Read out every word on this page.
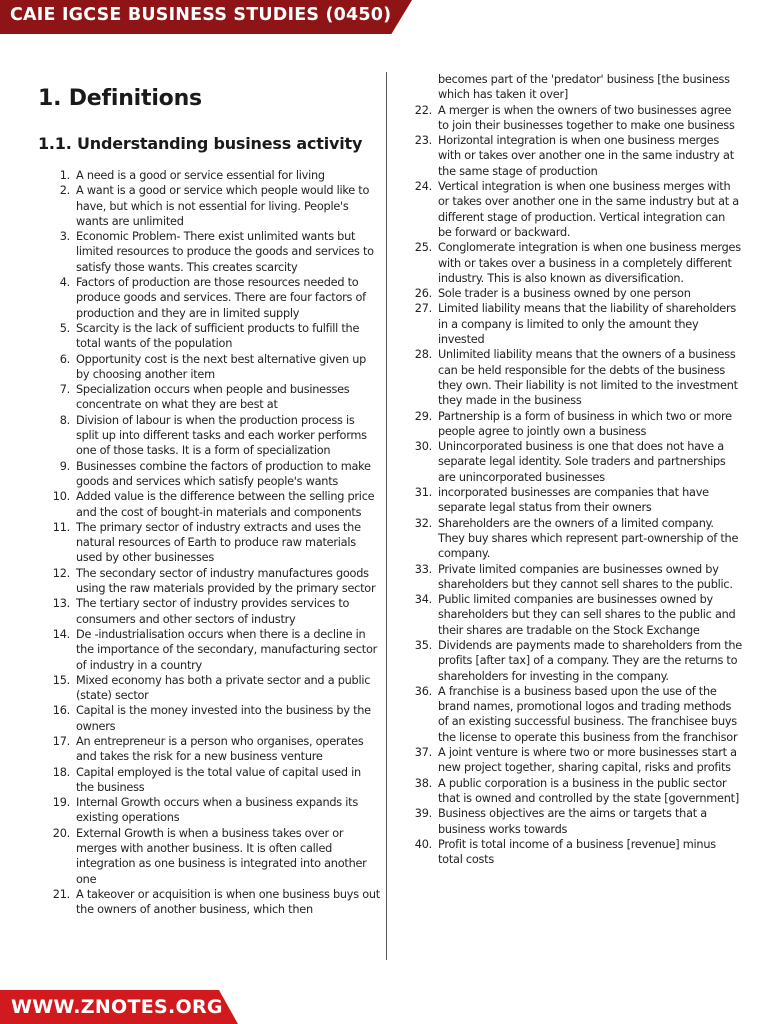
CAIE IGCSE BUSINESS STUDIES (0450)
1. Definitions
1.1. Understanding business activity
1. A need is a good or service essential for living
2. A want is a good or service which people would like to have, but which is not essential for living. People's wants are unlimited
3. Economic Problem- There exist unlimited wants but limited resources to produce the goods and services to satisfy those wants. This creates scarcity
4. Factors of production are those resources needed to produce goods and services. There are four factors of production and they are in limited supply
5. Scarcity is the lack of sufficient products to fulfill the total wants of the population
6. Opportunity cost is the next best alternative given up by choosing another item
7. Specialization occurs when people and businesses concentrate on what they are best at
8. Division of labour is when the production process is split up into different tasks and each worker performs one of those tasks. It is a form of specialization
9. Businesses combine the factors of production to make goods and services which satisfy people's wants
10. Added value is the difference between the selling price and the cost of bought-in materials and components
11. The primary sector of industry extracts and uses the natural resources of Earth to produce raw materials used by other businesses
12. The secondary sector of industry manufactures goods using the raw materials provided by the primary sector
13. The tertiary sector of industry provides services to consumers and other sectors of industry
14. De -industrialisation occurs when there is a decline in the importance of the secondary, manufacturing sector of industry in a country
15. Mixed economy has both a private sector and a public (state) sector
16. Capital is the money invested into the business by the owners
17. An entrepreneur is a person who organises, operates and takes the risk for a new business venture
18. Capital employed is the total value of capital used in the business
19. Internal Growth occurs when a business expands its existing operations
20. External Growth is when a business takes over or merges with another business. It is often called integration as one business is integrated into another one
21. A takeover or acquisition is when one business buys out the owners of another business, which then
becomes part of the 'predator' business [the business which has taken it over]
22. A merger is when the owners of two businesses agree to join their businesses together to make one business
23. Horizontal integration is when one business merges with or takes over another one in the same industry at the same stage of production
24. Vertical integration is when one business merges with or takes over another one in the same industry but at a different stage of production. Vertical integration can be forward or backward.
25. Conglomerate integration is when one business merges with or takes over a business in a completely different industry. This is also known as diversification.
26. Sole trader is a business owned by one person
27. Limited liability means that the liability of shareholders in a company is limited to only the amount they invested
28. Unlimited liability means that the owners of a business can be held responsible for the debts of the business they own. Their liability is not limited to the investment they made in the business
29. Partnership is a form of business in which two or more people agree to jointly own a business
30. Unincorporated business is one that does not have a separate legal identity. Sole traders and partnerships are unincorporated businesses
31. incorporated businesses are companies that have separate legal status from their owners
32. Shareholders are the owners of a limited company. They buy shares which represent part-ownership of the company.
33. Private limited companies are businesses owned by shareholders but they cannot sell shares to the public.
34. Public limited companies are businesses owned by shareholders but they can sell shares to the public and their shares are tradable on the Stock Exchange
35. Dividends are payments made to shareholders from the profits [after tax] of a company. They are the returns to shareholders for investing in the company.
36. A franchise is a business based upon the use of the brand names, promotional logos and trading methods of an existing successful business. The franchisee buys the license to operate this business from the franchisor
37. A joint venture is where two or more businesses start a new project together, sharing capital, risks and profits
38. A public corporation is a business in the public sector that is owned and controlled by the state [government]
39. Business objectives are the aims or targets that a business works towards
40. Profit is total income of a business [revenue] minus total costs
WWW.ZNOTES.ORG
